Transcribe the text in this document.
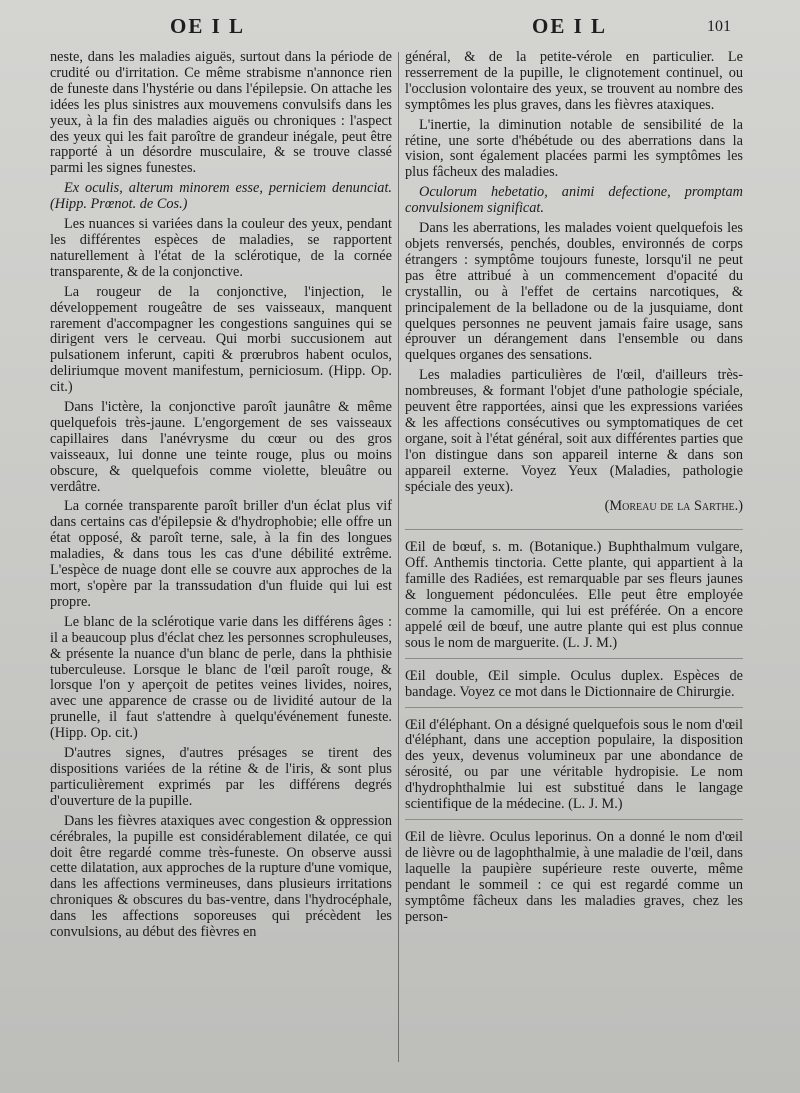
OE I L	OE I L	101

neste, dans les maladies aiguës, surtout dans la période de crudité ou d'irritation. Ce même strabisme n'annonce rien de funeste dans l'hystérie ou dans l'épilepsie. On attache les idées les plus sinistres aux mouvemens convulsifs dans les yeux, à la fin des maladies aiguës ou chroniques : l'aspect des yeux qui les fait paroître de grandeur inégale, peut être rapporté à un désordre musculaire, & se trouve classé parmi les signes funestes.

Ex oculis, alterum minorem esse, perniciem denunciat. (Hipp. Prœnot. de Cos.)

Les nuances si variées dans la couleur des yeux, pendant les différentes espèces de maladies, se rapportent naturellement à l'état de la sclérotique, de la cornée transparente, & de la conjonctive.

La rougeur de la conjonctive, l'injection, le développement rougeâtre de ses vaisseaux, manquent rarement d'accompagner les congestions sanguines qui se dirigent vers le cerveau. Qui morbi succusionem aut pulsationem inferunt, capiti & prœrubros habent oculos, deliriumque movent manifestum, perniciosum. (Hipp. Op. cit.)

Dans l'ictère, la conjonctive paroît jaunâtre & même quelquefois très-jaune. L'engorgement de ses vaisseaux capillaires dans l'anévrysme du cœur ou des gros vaisseaux, lui donne une teinte rouge, plus ou moins obscure, & quelquefois comme violette, bleuâtre ou verdâtre.

La cornée transparente paroît briller d'un éclat plus vif dans certains cas d'épilepsie & d'hydrophobie; elle offre un état opposé, & paroît terne, sale, à la fin des longues maladies, & dans tous les cas d'une débilité extrême. L'espèce de nuage dont elle se couvre aux approches de la mort, s'opère par la transsudation d'un fluide qui lui est propre.

Le blanc de la sclérotique varie dans les différens âges : il a beaucoup plus d'éclat chez les personnes scrophuleuses, & présente la nuance d'un blanc de perle, dans la phthisie tuberculeuse. Lorsque le blanc de l'œil paroît rouge, & lorsque l'on y aperçoit de petites veines livides, noires, avec une apparence de crasse ou de lividité autour de la prunelle, il faut s'attendre à quelqu'événement funeste. (Hipp. Op. cit.)

D'autres signes, d'autres présages se tirent des dispositions variées de la rétine & de l'iris, & sont plus particulièrement exprimés par les différens degrés d'ouverture de la pupille.

Dans les fièvres ataxiques avec congestion & oppression cérébrales, la pupille est considérablement dilatée, ce qui doit être regardé comme très-funeste. On observe aussi cette dilatation, aux approches de la rupture d'une vomique, dans les affections vermineuses, dans plusieurs irritations chroniques & obscures du bas-ventre, dans l'hydrocéphale, dans les affections soporeuses qui précèdent les convulsions, au début des fièvres en

général, & de la petite-vérole en particulier. Le resserrement de la pupille, le clignotement continuel, ou l'occlusion volontaire des yeux, se trouvent au nombre des symptômes les plus graves, dans les fièvres ataxiques.

L'inertie, la diminution notable de sensibilité de la rétine, une sorte d'hébétude ou des aberrations dans la vision, sont également placées parmi les symptômes les plus fâcheux des maladies.

Oculorum hebetatio, animi defectione, promptam convulsionem significat.

Dans les aberrations, les malades voient quelquefois les objets renversés, penchés, doubles, environnés de corps étrangers : symptôme toujours funeste, lorsqu'il ne peut pas être attribué à un commencement d'opacité du crystallin, ou à l'effet de certains narcotiques, & principalement de la belladone ou de la jusquiame, dont quelques personnes ne peuvent jamais faire usage, sans éprouver un dérangement dans l'ensemble ou dans quelques organes des sensations.

Les maladies particulières de l'œil, d'ailleurs très-nombreuses, & formant l'objet d'une pathologie spéciale, peuvent être rapportées, ainsi que les expressions variées & les affections consécutives ou symptomatiques de cet organe, soit à l'état général, soit aux différentes parties que l'on distingue dans son appareil interne & dans son appareil externe. Voyez Yeux (Maladies, pathologie spéciale des yeux).

(Moreau de la Sarthe.)

Œil de bœuf, s. m. (Botanique.) Buphthalmum vulgare, Off. Anthemis tinctoria. Cette plante, qui appartient à la famille des Radiées, est remarquable par ses fleurs jaunes & longuement pédonculées. Elle peut être employée comme la camomille, qui lui est préférée. On a encore appelé œil de bœuf, une autre plante qui est plus connue sous le nom de marguerite. (L. J. M.)

Œil double, Œil simple. Oculus duplex. Espèces de bandage. Voyez ce mot dans le Dictionnaire de Chirurgie.

Œil d'éléphant. On a désigné quelquefois sous le nom d'œil d'éléphant, dans une acception populaire, la disposition des yeux, devenus volumineux par une abondance de sérosité, ou par une véritable hydropisie. Le nom d'hydrophthalmie lui est substitué dans le langage scientifique de la médecine. (L. J. M.)

Œil de lièvre. Oculus leporinus. On a donné le nom d'œil de lièvre ou de lagophthalmie, à une maladie de l'œil, dans laquelle la paupière supérieure reste ouverte, même pendant le sommeil : ce qui est regardé comme un symptôme fâcheux dans les maladies graves, chez les person-
